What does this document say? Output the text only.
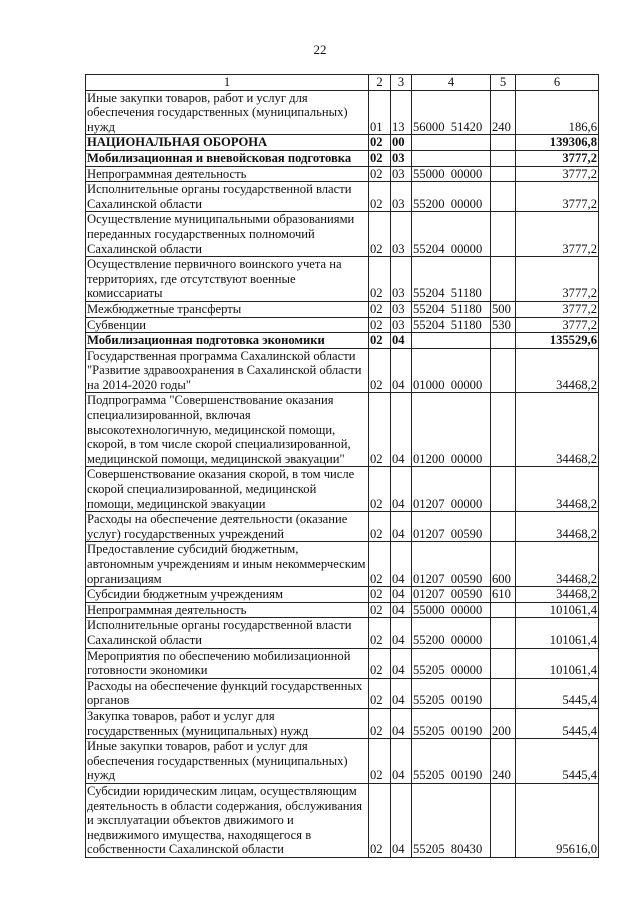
22
1	2	3	4	5	6
Иные закупки товаров, работ и услуг для
обеспечения государственных (муниципальных)
нужд	01	13	56000  51420	240	186,6
НАЦИОНАЛЬНАЯ ОБОРОНА	02	00			139306,8
Мобилизационная и вневойсковая подготовка	02	03			3777,2
Непрограммная деятельность	02	03	55000  00000		3777,2
Исполнительные органы государственной власти
Сахалинской области	02	03	55200  00000		3777,2
Осуществление муниципальными образованиями
переданных государственных полномочий
Сахалинской области	02	03	55204  00000		3777,2
Осуществление первичного воинского учета на
территориях, где отсутствуют военные
комиссариаты	02	03	55204  51180		3777,2
Межбюджетные трансферты	02	03	55204  51180	500	3777,2
Субвенции	02	03	55204  51180	530	3777,2
Мобилизационная подготовка экономики	02	04			135529,6
Государственная программа Сахалинской области
"Развитие здравоохранения в Сахалинской области
на 2014-2020 годы"	02	04	01000  00000		34468,2
Подпрограмма "Совершенствование оказания
специализированной, включая
высокотехнологичную, медицинской помощи,
скорой, в том числе скорой специализированной,
медицинской помощи, медицинской эвакуации"	02	04	01200  00000		34468,2
Совершенствование оказания скорой, в том числе
скорой специализированной, медицинской
помощи, медицинской эвакуации	02	04	01207  00000		34468,2
Расходы на обеспечение деятельности (оказание
услуг) государственных учреждений	02	04	01207  00590		34468,2
Предоставление субсидий бюджетным,
автономным учреждениям и иным некоммерческим
организациям	02	04	01207  00590	600	34468,2
Субсидии бюджетным учреждениям	02	04	01207  00590	610	34468,2
Непрограммная деятельность	02	04	55000  00000		101061,4
Исполнительные органы государственной власти
Сахалинской области	02	04	55200  00000		101061,4
Мероприятия по обеспечению мобилизационной
готовности экономики	02	04	55205  00000		101061,4
Расходы на обеспечение функций государственных
органов	02	04	55205  00190		5445,4
Закупка товаров, работ и услуг для
государственных (муниципальных) нужд	02	04	55205  00190	200	5445,4
Иные закупки товаров, работ и услуг для
обеспечения государственных (муниципальных)
нужд	02	04	55205  00190	240	5445,4
Субсидии юридическим лицам, осуществляющим
деятельность в области содержания, обслуживания
и эксплуатации объектов движимого и
недвижимого имущества, находящегося в
собственности Сахалинской области	02	04	55205  80430		95616,0
